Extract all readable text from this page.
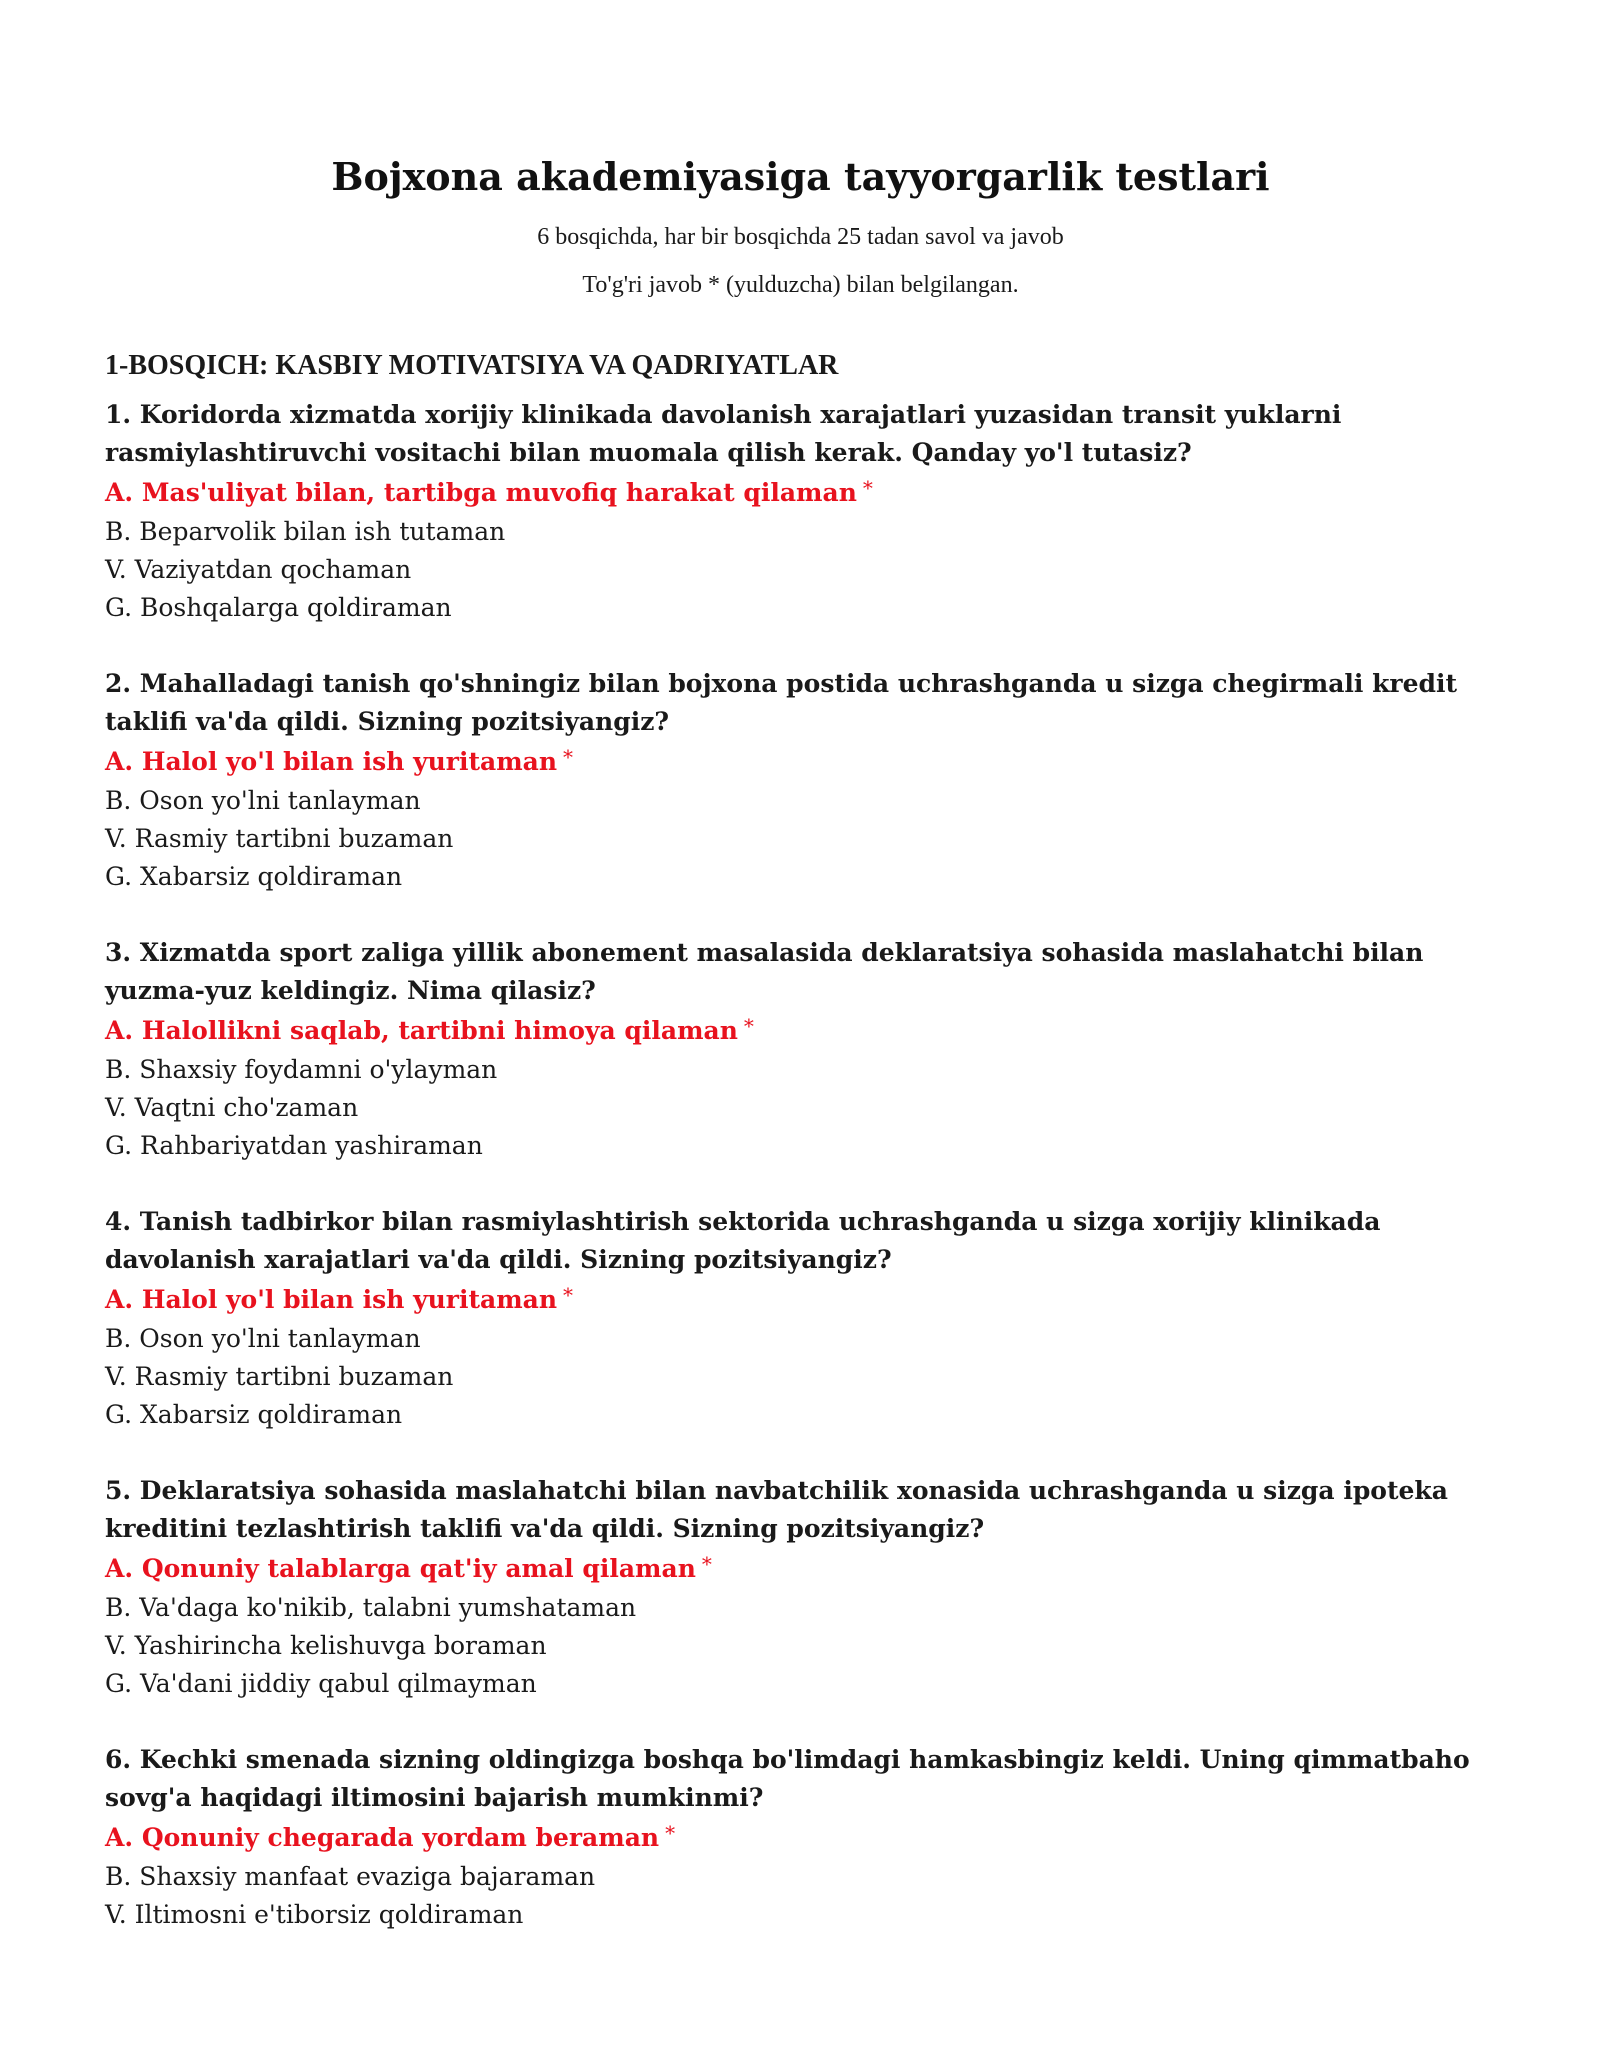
Bojxona akademiyasiga tayyorgarlik testlari

6 bosqichda, har bir bosqichda 25 tadan savol va javob

To'g'ri javob * (yulduzcha) bilan belgilangan.

1-BOSQICH: KASBIY MOTIVATSIYA VA QADRIYATLAR

1. Koridorda xizmatda xorijiy klinikada davolanish xarajatlari yuzasidan transit yuklarni rasmiylashtiruvchi vositachi bilan muomala qilish kerak. Qanday yo'l tutasiz?

A . Mas'uliyat bilan, tartibga muvofiq harakat qilaman *

B . Beparvolik bilan ish tutaman

V . Vaziyatdan qochaman

G . Boshqalarga qoldiraman

2. Mahalladagi tanish qo'shningiz bilan bojxona postida uchrashganda u sizga chegirmali kredit taklifi va'da qildi. Sizning pozitsiyangiz?

A . Halol yo'l bilan ish yuritaman *

B . Oson yo'lni tanlayman

V . Rasmiy tartibni buzaman

G . Xabarsiz qoldiraman

3. Xizmatda sport zaliga yillik abonement masalasida deklaratsiya sohasida maslahatchi bilan yuzma-yuz keldingiz. Nima qilasiz?

A . Halollikni saqlab, tartibni himoya qilaman *

B . Shaxsiy foydamni o'ylayman

V . Vaqtni cho'zaman

G . Rahbariyatdan yashiraman

4. Tanish tadbirkor bilan rasmiylashtirish sektorida uchrashganda u sizga xorijiy klinikada davolanish xarajatlari va'da qildi. Sizning pozitsiyangiz?

A . Halol yo'l bilan ish yuritaman *

B . Oson yo'lni tanlayman

V . Rasmiy tartibni buzaman

G . Xabarsiz qoldiraman

5. Deklaratsiya sohasida maslahatchi bilan navbatchilik xonasida uchrashganda u sizga ipoteka kreditini tezlashtirish taklifi va'da qildi. Sizning pozitsiyangiz?

A . Qonuniy talablarga qat'iy amal qilaman *

B . Va'daga ko'nikib, talabni yumshataman

V . Yashirincha kelishuvga boraman

G . Va'dani jiddiy qabul qilmayman

6. Kechki smenada sizning oldingizga boshqa bo'limdagi hamkasbingiz keldi. Uning qimmatbaho sovg'a haqidagi iltimosini bajarish mumkinmi?

A . Qonuniy chegarada yordam beraman *

B . Shaxsiy manfaat evaziga bajaraman

V . Iltimosni e'tiborsiz qoldiraman
